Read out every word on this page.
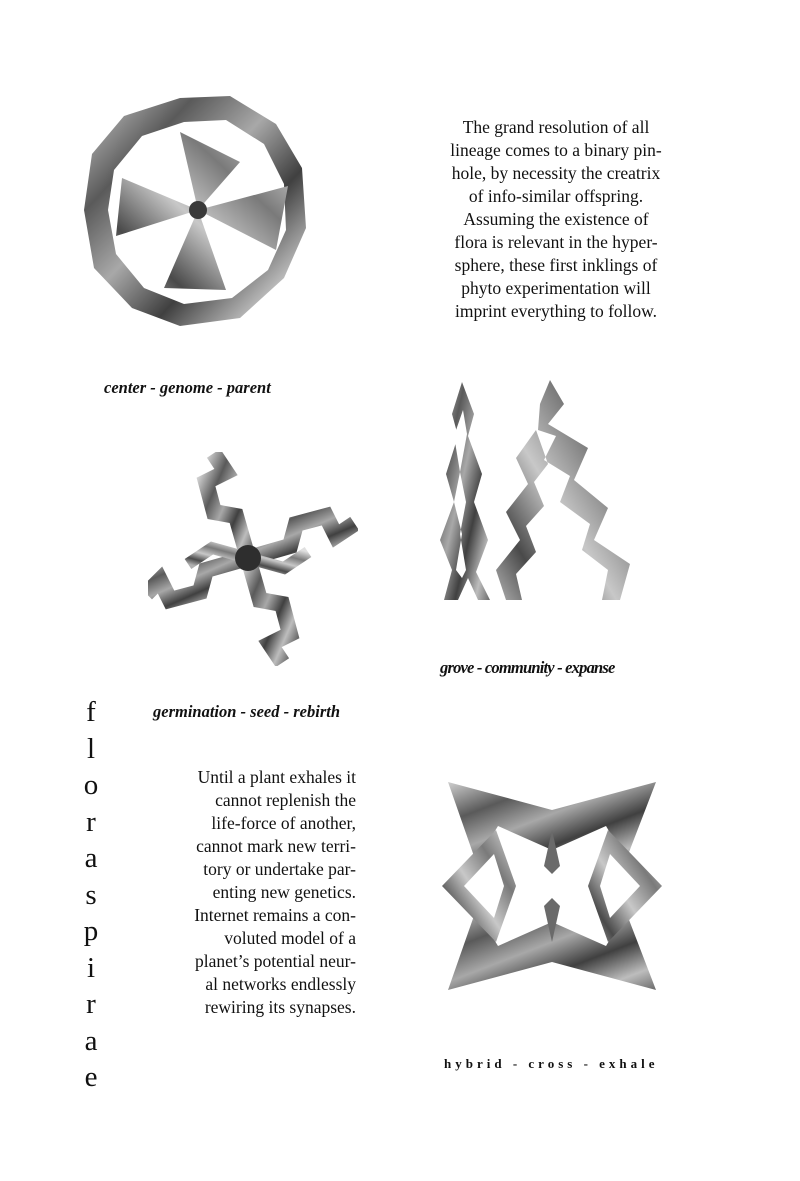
The grand resolution of all
lineage comes to a binary pin-
hole, by necessity the creatrix
of info-similar offspring.
Assuming the existence of
flora is relevant in the hyper-
sphere, these first inklings of
phyto experimentation will
imprint everything to follow.
center - genome - parent
grove - community - expanse
f
l
o
r
a
s
p
i
r
a
e
germination - seed - rebirth
Until a plant exhales it
cannot replenish the
life-force of another,
cannot mark new terri-
tory or undertake par-
enting new genetics.
Internet remains a con-
voluted model of a
planet’s potential neur-
al networks endlessly
rewiring its synapses.
hybrid - cross - exhale
